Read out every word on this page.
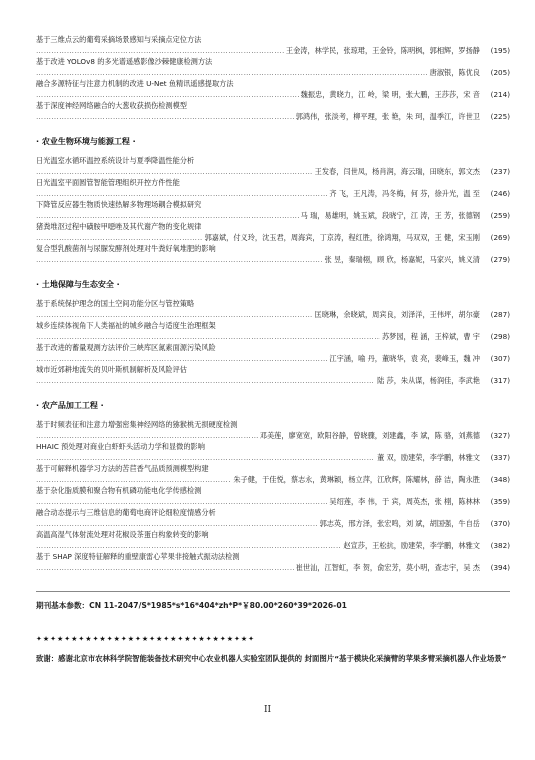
基于三维点云的葡萄采摘场景感知与采摘点定位方法
……………………………………………………………………………………………………………………………………………………………………
王金涛，林学民，张琼珺，王金铃，陈明枫，郭相辉，罗扬静	(195)
基于改进 YOLOv8 的多光谱遥感影像沙棘健康检测方法
……………………………………………………………………………………………………………………………………………………………………
唐淑银，陈优良	(205)
融合多源特征与注意力机制的改进 U-Net 鱼精讯遥感提取方法
……………………………………………………………………………………………………………………………………………………………………
魏振忠，黄晓力，江 岭，梁 明，张大鹏，王莎莎，宋 音	(214)
基于深度神经网络融合的大葱收获损伤检测模型
……………………………………………………………………………………………………………………………………………………………………
郭鸿伟，张淡考，柳平理，张 艳，朱 珂，温季江，许世卫	(225)
· 农业生物环境与能源工程 ·
日光温室水循环温控系统设计与夏季降温性能分析
……………………………………………………………………………………………………………………………………………………………………
王发春，闫世凤，杨肖润，海云瑞，田晓东，郭文杰	(237)
日光温室平面圆管智能管理组织开控方件性能
……………………………………………………………………………………………………………………………………………………………………
齐 飞，王凡涛，冯冬梅，何 芬，徐升光，温 至	(246)
下降管反应器生物质快速热解多物理场耦合模拟研究
……………………………………………………………………………………………………………………………………………………………………
马 瑞，易雄明，姚玉斌，段晓宁，江 涛，王 芳，张德钢	(259)
猪粪堆沤过程中磺胺甲噁唑及其代谢产物的变化规律
……………………………………………………………………………………………………………………………………………………………………
郭嘉斌，付义玲，沈玉君，周海宾，丁京涛，程红胜，徐鸿翔，马双双，王 健，宋玉刚	(269)
复合型乳酸菌剂与尿脲发酵剂处理对牛粪好氧堆肥的影响
……………………………………………………………………………………………………………………………………………………………………
张 昱，秦瑞栩，顾 欣，杨嘉妮，马家兴，姚义清	(279)
· 土地保障与生态安全 ·
基于系统保护理念的国土空间功能分区与管控策略
……………………………………………………………………………………………………………………………………………………………………
匡晓琳，余晓斌，周宾良，刘泽洋，王伟坪，胡尔豪	(287)
城乡连续体视角下人类福祉的城乡融合与适度生治理框架
……………………………………………………………………………………………………………………………………………………………………
苏梦园，程 涵，王梓斌，曹 宇	(298)
基于改进的蓄量观测方法评价三峡库区氮素面源污染风险
……………………………………………………………………………………………………………………………………………………………………
江宇涵，喻 丹，董晓华，袁 亮，裴峰玉，魏 冲	(307)
城市近郊耕地流失的贝叶斯机制解析及风险评估
……………………………………………………………………………………………………………………………………………………………………
陆 莎，朱从谋，杨润佳，李武艳	(317)
· 农产品加工工程 ·
基于时频表征和注意力增强密集神经网络的猕猴桃无损硬度检测
……………………………………………………………………………………………………………………………………………………………………
邓美莲，廖宽宽，欧阳谷静，曾晓骤，刘建鑫，李 斌，陈 骆，刘燕德	(327)
HHAIC 预处理对商业白虾虾头活动力学和显微的影响
……………………………………………………………………………………………………………………………………………………………………
董 双，励建荣，李学鹏，林雅文	(337)
基于可解释机器学习方法的苦苣香气品质预测模型构建
……………………………………………………………………………………………………………………………………………………………………
朱子健，于佳悦，蔡志永，黄琳颖，杨立萍，江欣辉，陈耀林，薛 洁，陶永胜	(348)
基于杂化脂质膜和聚合物有机磷功能电化学传感检测
……………………………………………………………………………………………………………………………………………………………………
吴绍莲，李 伟，于 宾，周英杰，张 栩，陈林林	(359)
融合动态提示与三维信息的葡萄电商评论细粒度情感分析
……………………………………………………………………………………………………………………………………………………………………
郭志英，邢方泽，张宏鸣，刘 斌，胡国强，牛自岳	(370)
高温高湿气体射流处理对花椒设茶蛋白构象转变的影响
……………………………………………………………………………………………………………………………………………………………………
赵宣莎，王松抗，励建荣，李学鹏，林雅文	(382)
基于 SHAP 深度特征解释的重壁康雷心苹果非接触式振动法检测
……………………………………………………………………………………………………………………………………………………………………
崔世汕，江智虹，李 贺，俞宏芳，莫小明，查志宇，吴 杰	(394)
期刊基本参数：CN 11-2047/S*1985*s*16*404*zh*P*￥80.00*260*39*2026-01
✦★✦★✦★✦★✦★✦★✦★✦★✦★✦★✦★✦★✦★✦★✦★✦
致谢：感谢北京市农林科学院智能装备技术研究中心农业机器人实验室团队提供的 封面图片“基于模块化采摘臂的苹果多臂采摘机器人作业场景”
II
